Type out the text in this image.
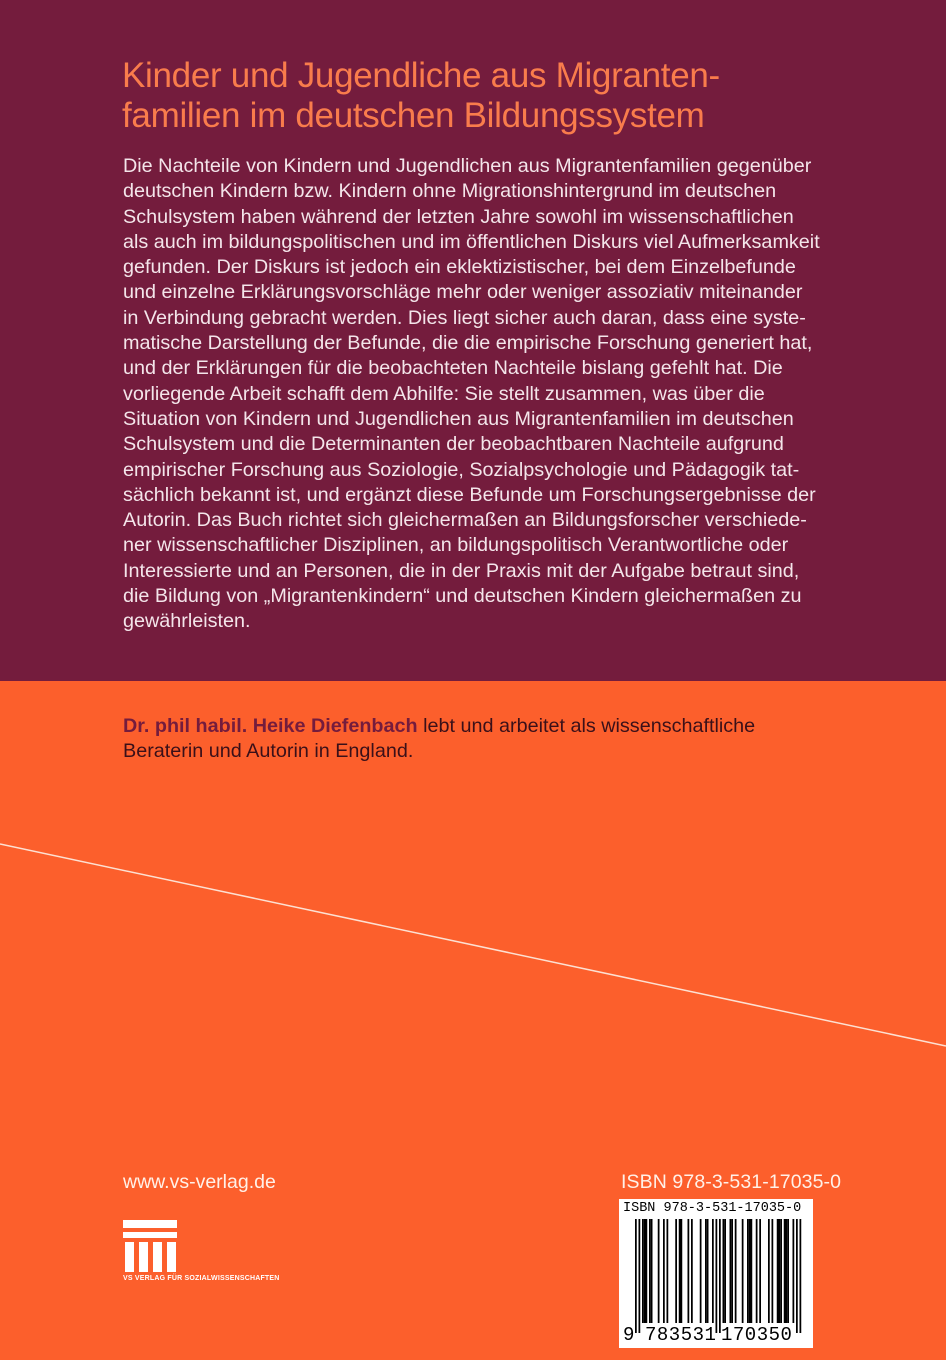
Kinder und Jugendliche aus Migranten-
familien im deutschen Bildungssystem
Die Nachteile von Kindern und Jugendlichen aus Migrantenfamilien gegenüber
deutschen Kindern bzw. Kindern ohne Migrationshintergrund im deutschen
Schulsystem haben während der letzten Jahre sowohl im wissenschaftlichen
als auch im bildungspolitischen und im öffentlichen Diskurs viel Aufmerksamkeit
gefunden. Der Diskurs ist jedoch ein eklektizistischer, bei dem Einzelbefunde
und einzelne Erklärungsvorschläge mehr oder weniger assoziativ miteinander
in Verbindung gebracht werden. Dies liegt sicher auch daran, dass eine syste-
matische Darstellung der Befunde, die die empirische Forschung generiert hat,
und der Erklärungen für die beobachteten Nachteile bislang gefehlt hat. Die
vorliegende Arbeit schafft dem Abhilfe: Sie stellt zusammen, was über die
Situation von Kindern und Jugendlichen aus Migrantenfamilien im deutschen
Schulsystem und die Determinanten der beobachtbaren Nachteile aufgrund
empirischer Forschung aus Soziologie, Sozialpsychologie und Pädagogik tat-
sächlich bekannt ist, und ergänzt diese Befunde um Forschungsergebnisse der
Autorin. Das Buch richtet sich gleichermaßen an Bildungsforscher verschiede-
ner wissenschaftlicher Disziplinen, an bildungspolitisch Verantwortliche oder
Interessierte und an Personen, die in der Praxis mit der Aufgabe betraut sind,
die Bildung von „Migrantenkindern“ und deutschen Kindern gleichermaßen zu
gewährleisten.
Dr. phil habil. Heike Diefenbach lebt und arbeitet als wissenschaftliche
Beraterin und Autorin in England.
www.vs-verlag.de
VS VERLAG FÜR SOZIALWISSENSCHAFTEN
ISBN 978-3-531-17035-0
ISBN 978-3-531-17035-0
9 783531 170350
